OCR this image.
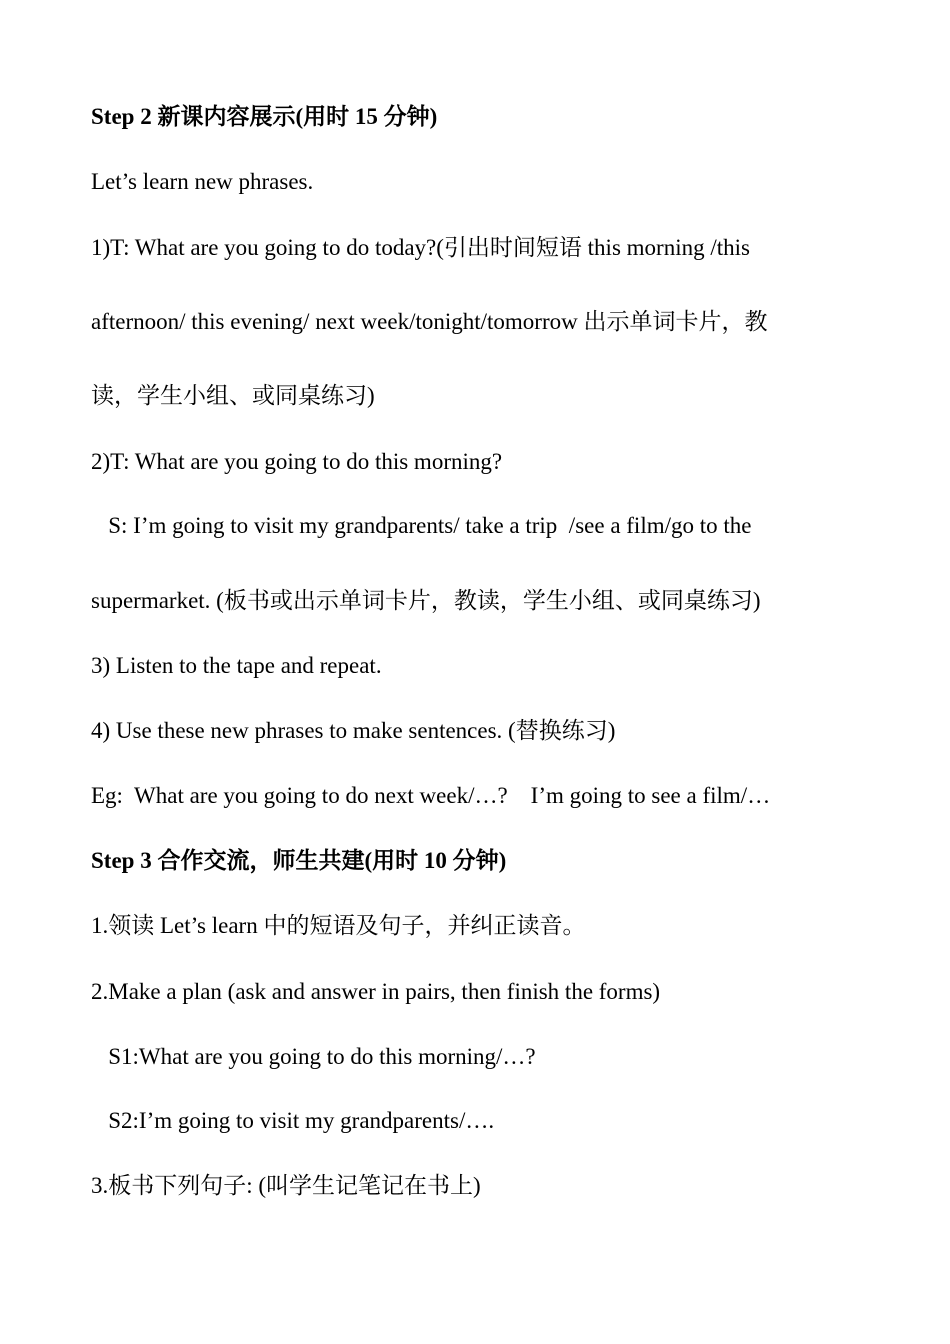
Step 2 新课内容展示(用时 15 分钟)
Let’s learn new phrases.
1)T: What are you going to do today?(引出时间短语 this morning /this
afternoon/ this evening/ next week/tonight/tomorrow 出示单词卡片，教
读，学生小组、或同桌练习)
2)T: What are you going to do this morning?
S: I’m going to visit my grandparents/ take a trip  /see a film/go to the
supermarket. (板书或出示单词卡片，教读，学生小组、或同桌练习)
3) Listen to the tape and repeat.
4) Use these new phrases to make sentences. (替换练习)
Eg:  What are you going to do next week/…?    I’m going to see a film/…
Step 3 合作交流，师生共建(用时 10 分钟)
1.领读 Let’s learn 中的短语及句子，并纠正读音。
2.Make a plan (ask and answer in pairs, then finish the forms)
S1:What are you going to do this morning/…?
S2:I’m going to visit my grandparents/….
3.板书下列句子: (叫学生记笔记在书上)
